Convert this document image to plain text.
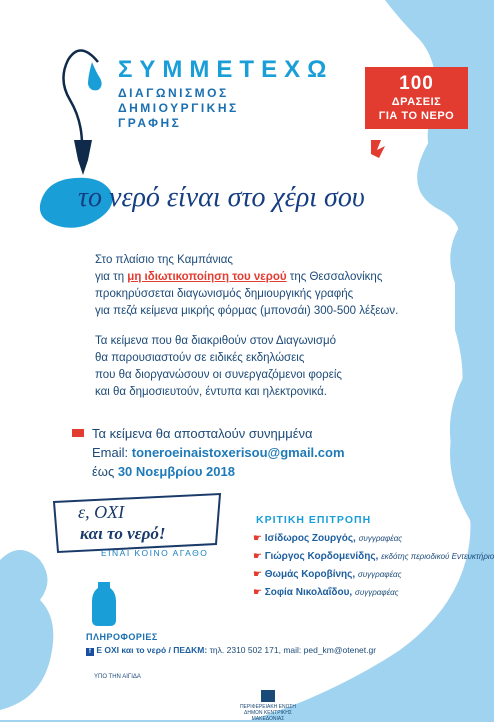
ΣΥΜΜΕΤΕΧΩ
ΔΙΑΓΩΝΙΣΜΟΣ
ΔΗΜΙΟΥΡΓΙΚΗΣ
ΓΡΑΦΗΣ
100
ΔΡΑΣΕΙΣ
ΓΙΑ ΤΟ ΝΕΡΟ
το νερό είναι στο χέρι σου
Στο πλαίσιο της Καμπάνιας
για τη μη ιδιωτικοποίηση του νερού της Θεσσαλονίκης
προκηρύσσεται διαγωνισμός δημιουργικής γραφής
για πεζά κείμενα μικρής φόρμας (μπονσάι) 300-500 λέξεων.
Τα κείμενα που θα διακριθούν στον Διαγωνισμό
θα παρουσιαστούν σε ειδικές εκδηλώσεις
που θα διοργανώσουν οι συνεργαζόμενοι φορείς
και θα δημοσιευτούν, έντυπα και ηλεκτρονικά.
Τα κείμενα θα αποσταλούν συνημμένα
Email: toneroeinaistoxerisou@gmail.com
έως 30 Νοεμβρίου 2018
ε, ΟΧΙ
και το νερό!
ΕΙΝΑΙ ΚΟΙΝΟ ΑΓΑΘΟ
ΚΡΙΤΙΚΗ ΕΠΙΤΡΟΠΗ
☛ Ισίδωρος Ζουργός, συγγραφέας
☛ Γιώργος Κορδομενίδης, εκδότης περιοδικού Εντευκτήριο
☛ Θωμάς Κοροβίνης, συγγραφέας
☛ Σοφία Νικολαΐδου, συγγραφέας
ΠΛΗΡΟΦΟΡΙΕΣ
f Ε ΟΧΙ και το νερό / ΠΕΔΚΜ: τηλ. 2310 502 171, mail: ped_km@otenet.gr
ΥΠΟ ΤΗΝ ΑΙΓΙΔΑ
ΠΕΡΙΦΕΡΕΙΑΚΗ ΕΝΩΣΗ
ΔΗΜΩΝ ΚΕΝΤΡΙΚΗΣ ΜΑΚΕΔΟΝΙΑΣ
